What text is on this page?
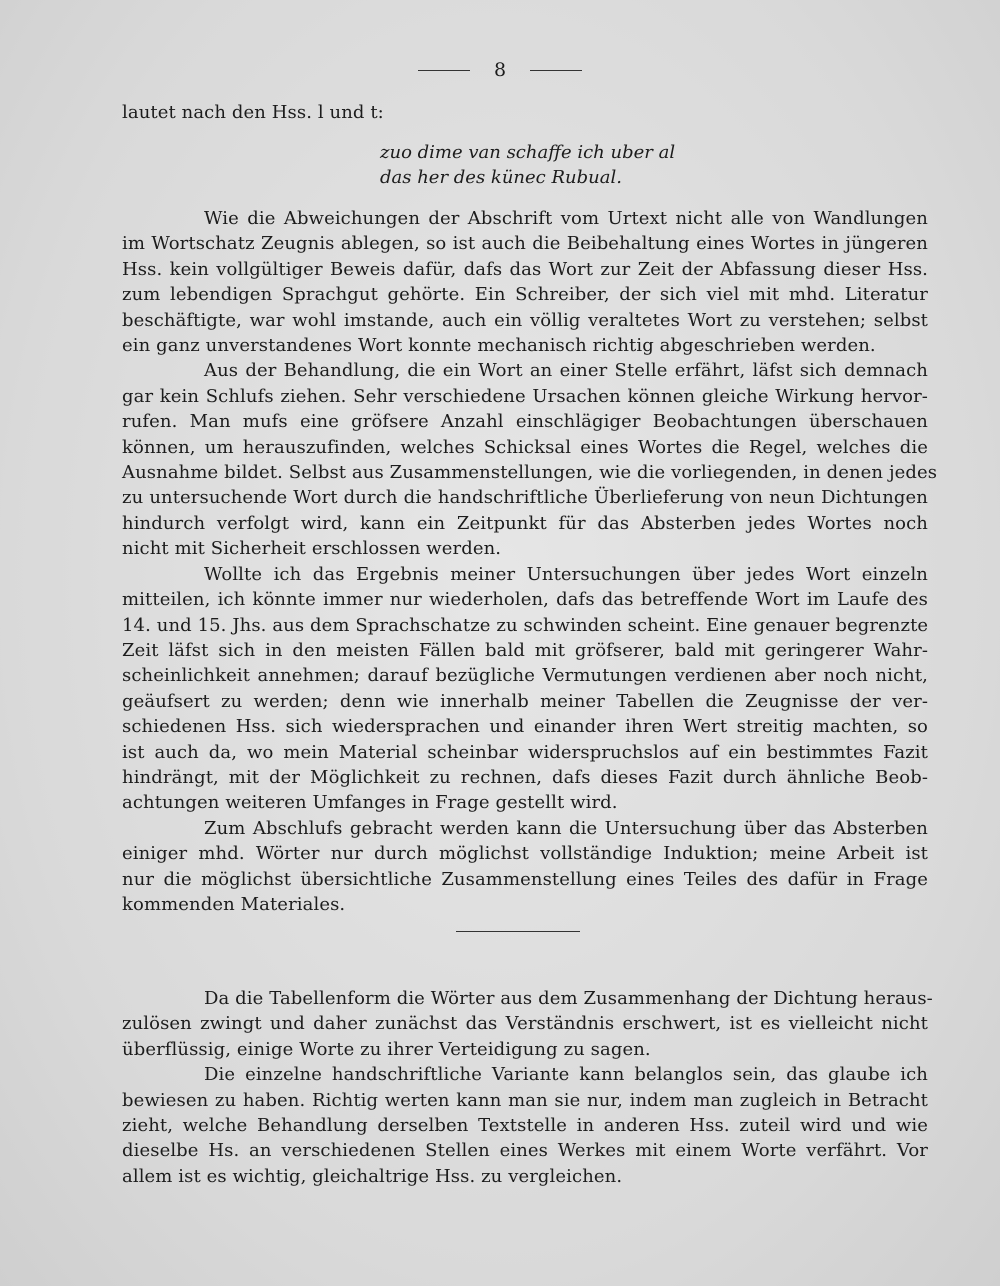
8
lautet nach den Hss. l und t:
zuo dime van schaffe ich uber al
das her des künec Rubual.
Wie die Abweichungen der Abschrift vom Urtext nicht alle von Wandlungen
im Wortschatz Zeugnis ablegen, so ist auch die Beibehaltung eines Wortes in jüngeren
Hss. kein vollgültiger Beweis dafür, dafs das Wort zur Zeit der Abfassung dieser Hss.
zum lebendigen Sprachgut gehörte. Ein Schreiber, der sich viel mit mhd. Literatur
beschäftigte, war wohl imstande, auch ein völlig veraltetes Wort zu verstehen; selbst
ein ganz unverstandenes Wort konnte mechanisch richtig abgeschrieben werden.
Aus der Behandlung, die ein Wort an einer Stelle erfährt, läfst sich demnach
gar kein Schlufs ziehen. Sehr verschiedene Ursachen können gleiche Wirkung hervor-
rufen. Man mufs eine gröfsere Anzahl einschlägiger Beobachtungen überschauen
können, um herauszufinden, welches Schicksal eines Wortes die Regel, welches die
Ausnahme bildet. Selbst aus Zusammenstellungen, wie die vorliegenden, in denen jedes
zu untersuchende Wort durch die handschriftliche Überlieferung von neun Dichtungen
hindurch verfolgt wird, kann ein Zeitpunkt für das Absterben jedes Wortes noch
nicht mit Sicherheit erschlossen werden.
Wollte ich das Ergebnis meiner Untersuchungen über jedes Wort einzeln
mitteilen, ich könnte immer nur wiederholen, dafs das betreffende Wort im Laufe des
14. und 15. Jhs. aus dem Sprachschatze zu schwinden scheint. Eine genauer begrenzte
Zeit läfst sich in den meisten Fällen bald mit gröfserer, bald mit geringerer Wahr-
scheinlichkeit annehmen; darauf bezügliche Vermutungen verdienen aber noch nicht,
geäufsert zu werden; denn wie innerhalb meiner Tabellen die Zeugnisse der ver-
schiedenen Hss. sich wiedersprachen und einander ihren Wert streitig machten, so
ist auch da, wo mein Material scheinbar widerspruchslos auf ein bestimmtes Fazit
hindrängt, mit der Möglichkeit zu rechnen, dafs dieses Fazit durch ähnliche Beob-
achtungen weiteren Umfanges in Frage gestellt wird.
Zum Abschlufs gebracht werden kann die Untersuchung über das Absterben
einiger mhd. Wörter nur durch möglichst vollständige Induktion; meine Arbeit ist
nur die möglichst übersichtliche Zusammenstellung eines Teiles des dafür in Frage
kommenden Materiales.
Da die Tabellenform die Wörter aus dem Zusammenhang der Dichtung heraus-
zulösen zwingt und daher zunächst das Verständnis erschwert, ist es vielleicht nicht
überflüssig, einige Worte zu ihrer Verteidigung zu sagen.
Die einzelne handschriftliche Variante kann belanglos sein, das glaube ich
bewiesen zu haben. Richtig werten kann man sie nur, indem man zugleich in Betracht
zieht, welche Behandlung derselben Textstelle in anderen Hss. zuteil wird und wie
dieselbe Hs. an verschiedenen Stellen eines Werkes mit einem Worte verfährt. Vor
allem ist es wichtig, gleichaltrige Hss. zu vergleichen.
